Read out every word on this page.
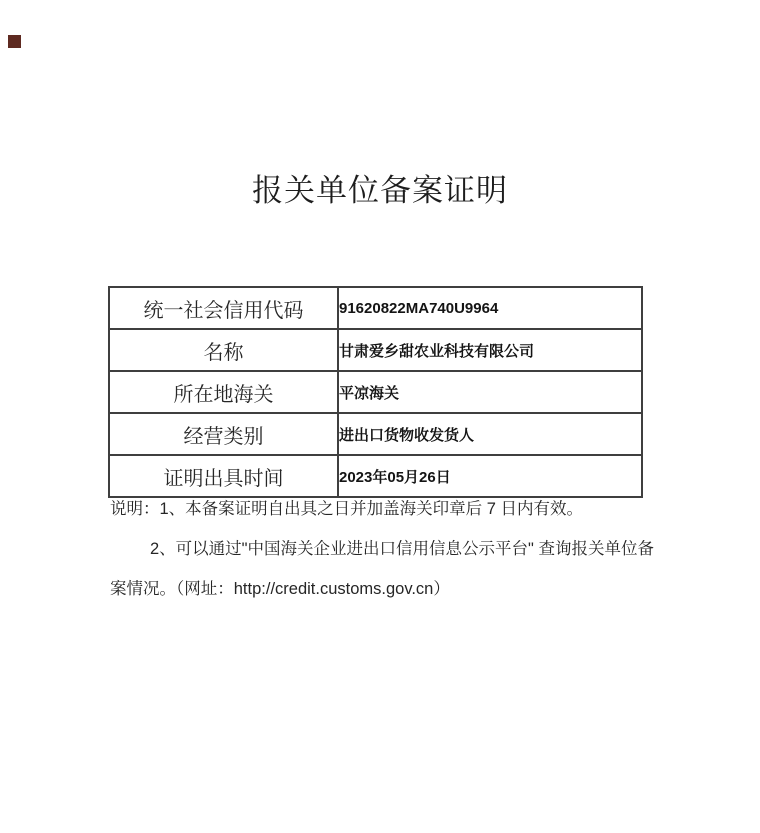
报关单位备案证明
统一社会信用代码	91620822MA740U9964
名称	甘肃爱乡甜农业科技有限公司
所在地海关	平凉海关
经营类别	进出口货物收发货人
证明出具时间	2023年05月26日

说明：1、本备案证明自出具之日并加盖海关印章后 7 日内有效。

2、可以通过"中国海关企业进出口信用信息公示平台" 查询报关单位备案情况。（网址：http://credit.customs.gov.cn）
